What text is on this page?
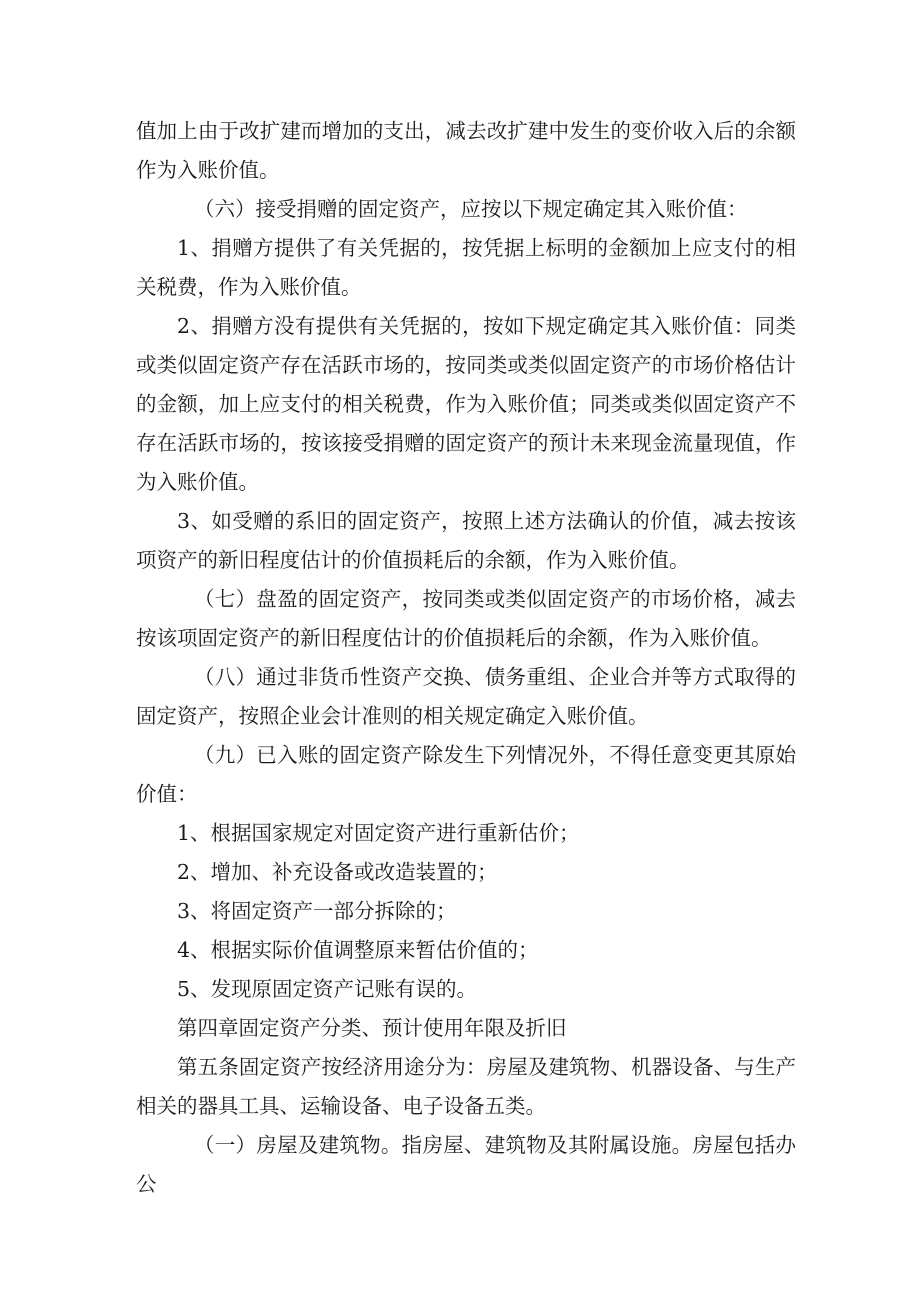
值加上由于改扩建而增加的支出，减去改扩建中发生的变价收入后的余额作为入账价值。

（六）接受捐赠的固定资产，应按以下规定确定其入账价值：

1、捐赠方提供了有关凭据的，按凭据上标明的金额加上应支付的相关税费，作为入账价值。

2、捐赠方没有提供有关凭据的，按如下规定确定其入账价值：同类或类似固定资产存在活跃市场的，按同类或类似固定资产的市场价格估计的金额，加上应支付的相关税费，作为入账价值；同类或类似固定资产不存在活跃市场的，按该接受捐赠的固定资产的预计未来现金流量现值，作为入账价值。

3、如受赠的系旧的固定资产，按照上述方法确认的价值，减去按该项资产的新旧程度估计的价值损耗后的余额，作为入账价值。

（七）盘盈的固定资产，按同类或类似固定资产的市场价格，减去按该项固定资产的新旧程度估计的价值损耗后的余额，作为入账价值。

（八）通过非货币性资产交换、债务重组、企业合并等方式取得的固定资产，按照企业会计准则的相关规定确定入账价值。

（九）已入账的固定资产除发生下列情况外，不得任意变更其原始价值：

1、根据国家规定对固定资产进行重新估价；

2、增加、补充设备或改造装置的；

3、将固定资产一部分拆除的；

4、根据实际价值调整原来暂估价值的；

5、发现原固定资产记账有误的。

第四章固定资产分类、预计使用年限及折旧

第五条固定资产按经济用途分为：房屋及建筑物、机器设备、与生产相关的器具工具、运输设备、电子设备五类。

（一）房屋及建筑物。指房屋、建筑物及其附属设施。房屋包括办公
